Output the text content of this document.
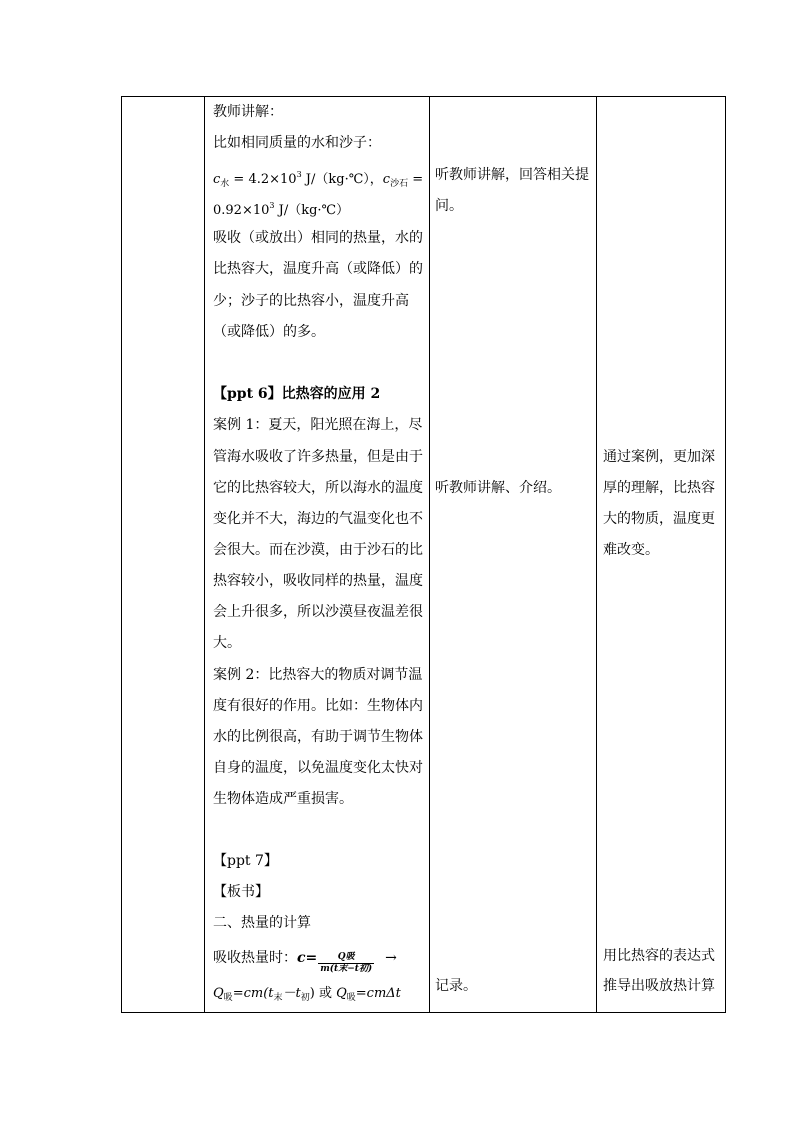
教师讲解：
比如相同质量的水和沙子：
$c_水 = 4.2\times 10^3$ J/（kg·℃），$c_{沙石}$ =
$0.92\times 10^3$ J/（kg·℃）
吸收（或放出）相同的热量，水的
比热容大，温度升高（或降低）的
少；沙子的比热容小，温度升高
（或降低）的多。
【ppt 6】比热容的应用 2
案例 1：夏天，阳光照在海上，尽
管海水吸收了许多热量，但是由于
它的比热容较大，所以海水的温度
变化并不大，海边的气温变化也不
会很大。而在沙漠，由于沙石的比
热容较小，吸收同样的热量，温度
会上升很多，所以沙漠昼夜温差很
大。
案例 2：比热容大的物质对调节温
度有很好的作用。比如：生物体内
水的比例很高，有助于调节生物体
自身的温度，以免温度变化太快对
生物体造成严重损害。
【ppt 7】
【板书】
二、热量的计算
吸收热量时：$c= \frac{\text{Q吸}}{\text{m(t末−t初)}}$ →
$Q_吸=cm(t_末-t_初)$ 或 $Q_吸=cm\Delta t$
听教师讲解，回答相关提
问。
听教师讲解、介绍。
记录。
通过案例，更加深
厚的理解，比热容
大的物质，温度更
难改变。
用比热容的表达式
推导出吸放热计算
